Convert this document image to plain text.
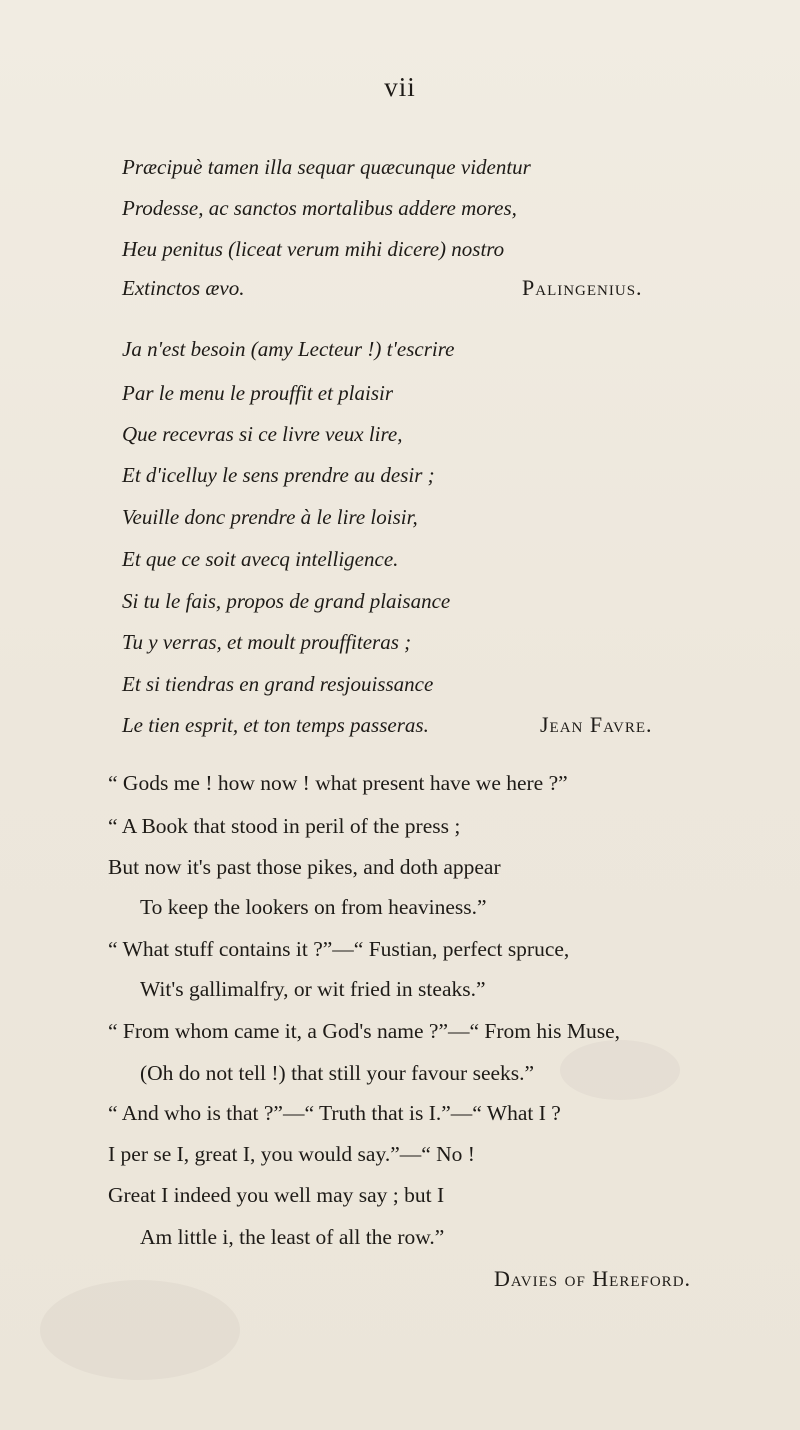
vii
Præcipuè tamen illa sequar quæcunque videntur
Prodesse, ac sanctos mortalibus addere mores,
Heu penitus (liceat verum mihi dicere) nostro
Extinctos ævo.	Palingenius.
Ja n'est besoin (amy Lecteur !) t'escrire
Par le menu le prouffit et plaisir
Que recevras si ce livre veux lire,
Et d'icelluy le sens prendre au desir ;
Veuille donc prendre à le lire loisir,
Et que ce soit avecq intelligence.
Si tu le fais, propos de grand plaisance
Tu y verras, et moult prouffiteras ;
Et si tiendras en grand resjouissance
Le tien esprit, et ton temps passeras.	Jean Favre.
“ Gods me ! how now ! what present have we here ?”
“ A Book that stood in peril of the press ;
But now it's past those pikes, and doth appear
To keep the lookers on from heaviness.”
“ What stuff contains it ?”—“ Fustian, perfect spruce,
Wit's gallimalfry, or wit fried in steaks.”
“ From whom came it, a God's name ?”—“ From his Muse,
(Oh do not tell !) that still your favour seeks.”
“ And who is that ?”—“ Truth that is I.”—“ What I ?
I per se I, great I, you would say.”—“ No !
Great I indeed you well may say ; but I
Am little i, the least of all the row.”
Davies of Hereford.
